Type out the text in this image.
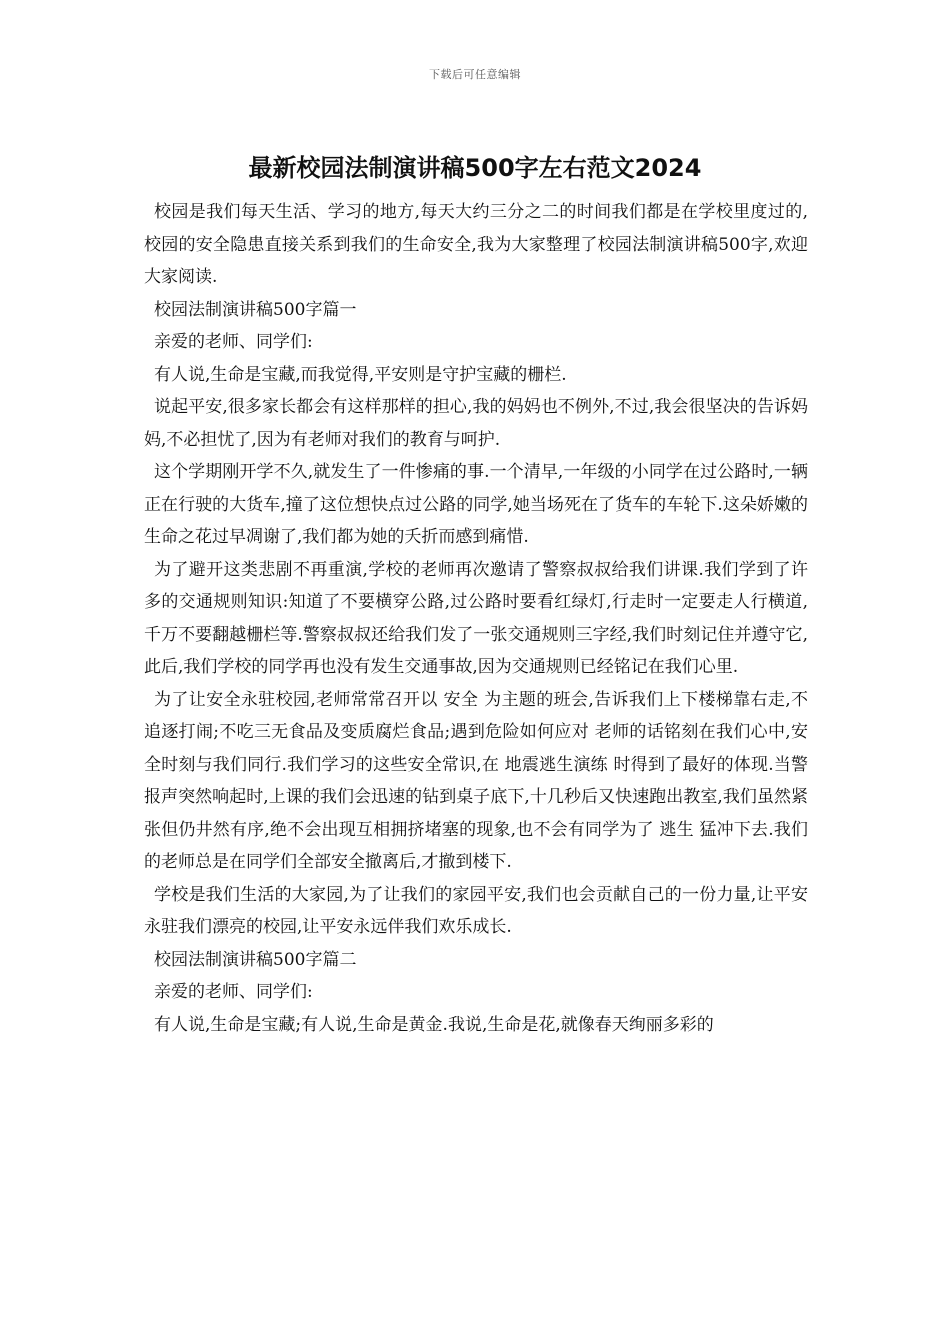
下载后可任意编辑
最新校园法制演讲稿500字左右范文2024

校园是我们每天生活、学习的地方,每天大约三分之二的时间我们都是在学校里度过的,校园的安全隐患直接关系到我们的生命安全,我为大家整理了校园法制演讲稿500字,欢迎大家阅读.

校园法制演讲稿500字篇一

亲爱的老师、同学们:

有人说,生命是宝藏,而我觉得,平安则是守护宝藏的栅栏.

说起平安,很多家长都会有这样那样的担心,我的妈妈也不例外,不过,我会很坚决的告诉妈妈,不必担忧了,因为有老师对我们的教育与呵护.

这个学期刚开学不久,就发生了一件惨痛的事.一个清早,一年级的小同学在过公路时,一辆正在行驶的大货车,撞了这位想快点过公路的同学,她当场死在了货车的车轮下.这朵娇嫩的生命之花过早凋谢了,我们都为她的夭折而感到痛惜.

为了避开这类悲剧不再重演,学校的老师再次邀请了警察叔叔给我们讲课.我们学到了许多的交通规则知识:知道了不要横穿公路,过公路时要看红绿灯,行走时一定要走人行横道,千万不要翻越栅栏等.警察叔叔还给我们发了一张交通规则三字经,我们时刻记住并遵守它,此后,我们学校的同学再也没有发生交通事故,因为交通规则已经铭记在我们心里.

为了让安全永驻校园,老师常常召开以 安全 为主题的班会,告诉我们上下楼梯靠右走,不追逐打闹;不吃三无食品及变质腐烂食品;遇到危险如何应对 老师的话铭刻在我们心中,安全时刻与我们同行.我们学习的这些安全常识,在 地震逃生演练 时得到了最好的体现.当警报声突然响起时,上课的我们会迅速的钻到桌子底下,十几秒后又快速跑出教室,我们虽然紧张但仍井然有序,绝不会出现互相拥挤堵塞的现象,也不会有同学为了 逃生 猛冲下去.我们的老师总是在同学们全部安全撤离后,才撤到楼下.

学校是我们生活的大家园,为了让我们的家园平安,我们也会贡献自己的一份力量,让平安永驻我们漂亮的校园,让平安永远伴我们欢乐成长.

校园法制演讲稿500字篇二

亲爱的老师、同学们:

有人说,生命是宝藏;有人说,生命是黄金.我说,生命是花,就像春天绚丽多彩的
